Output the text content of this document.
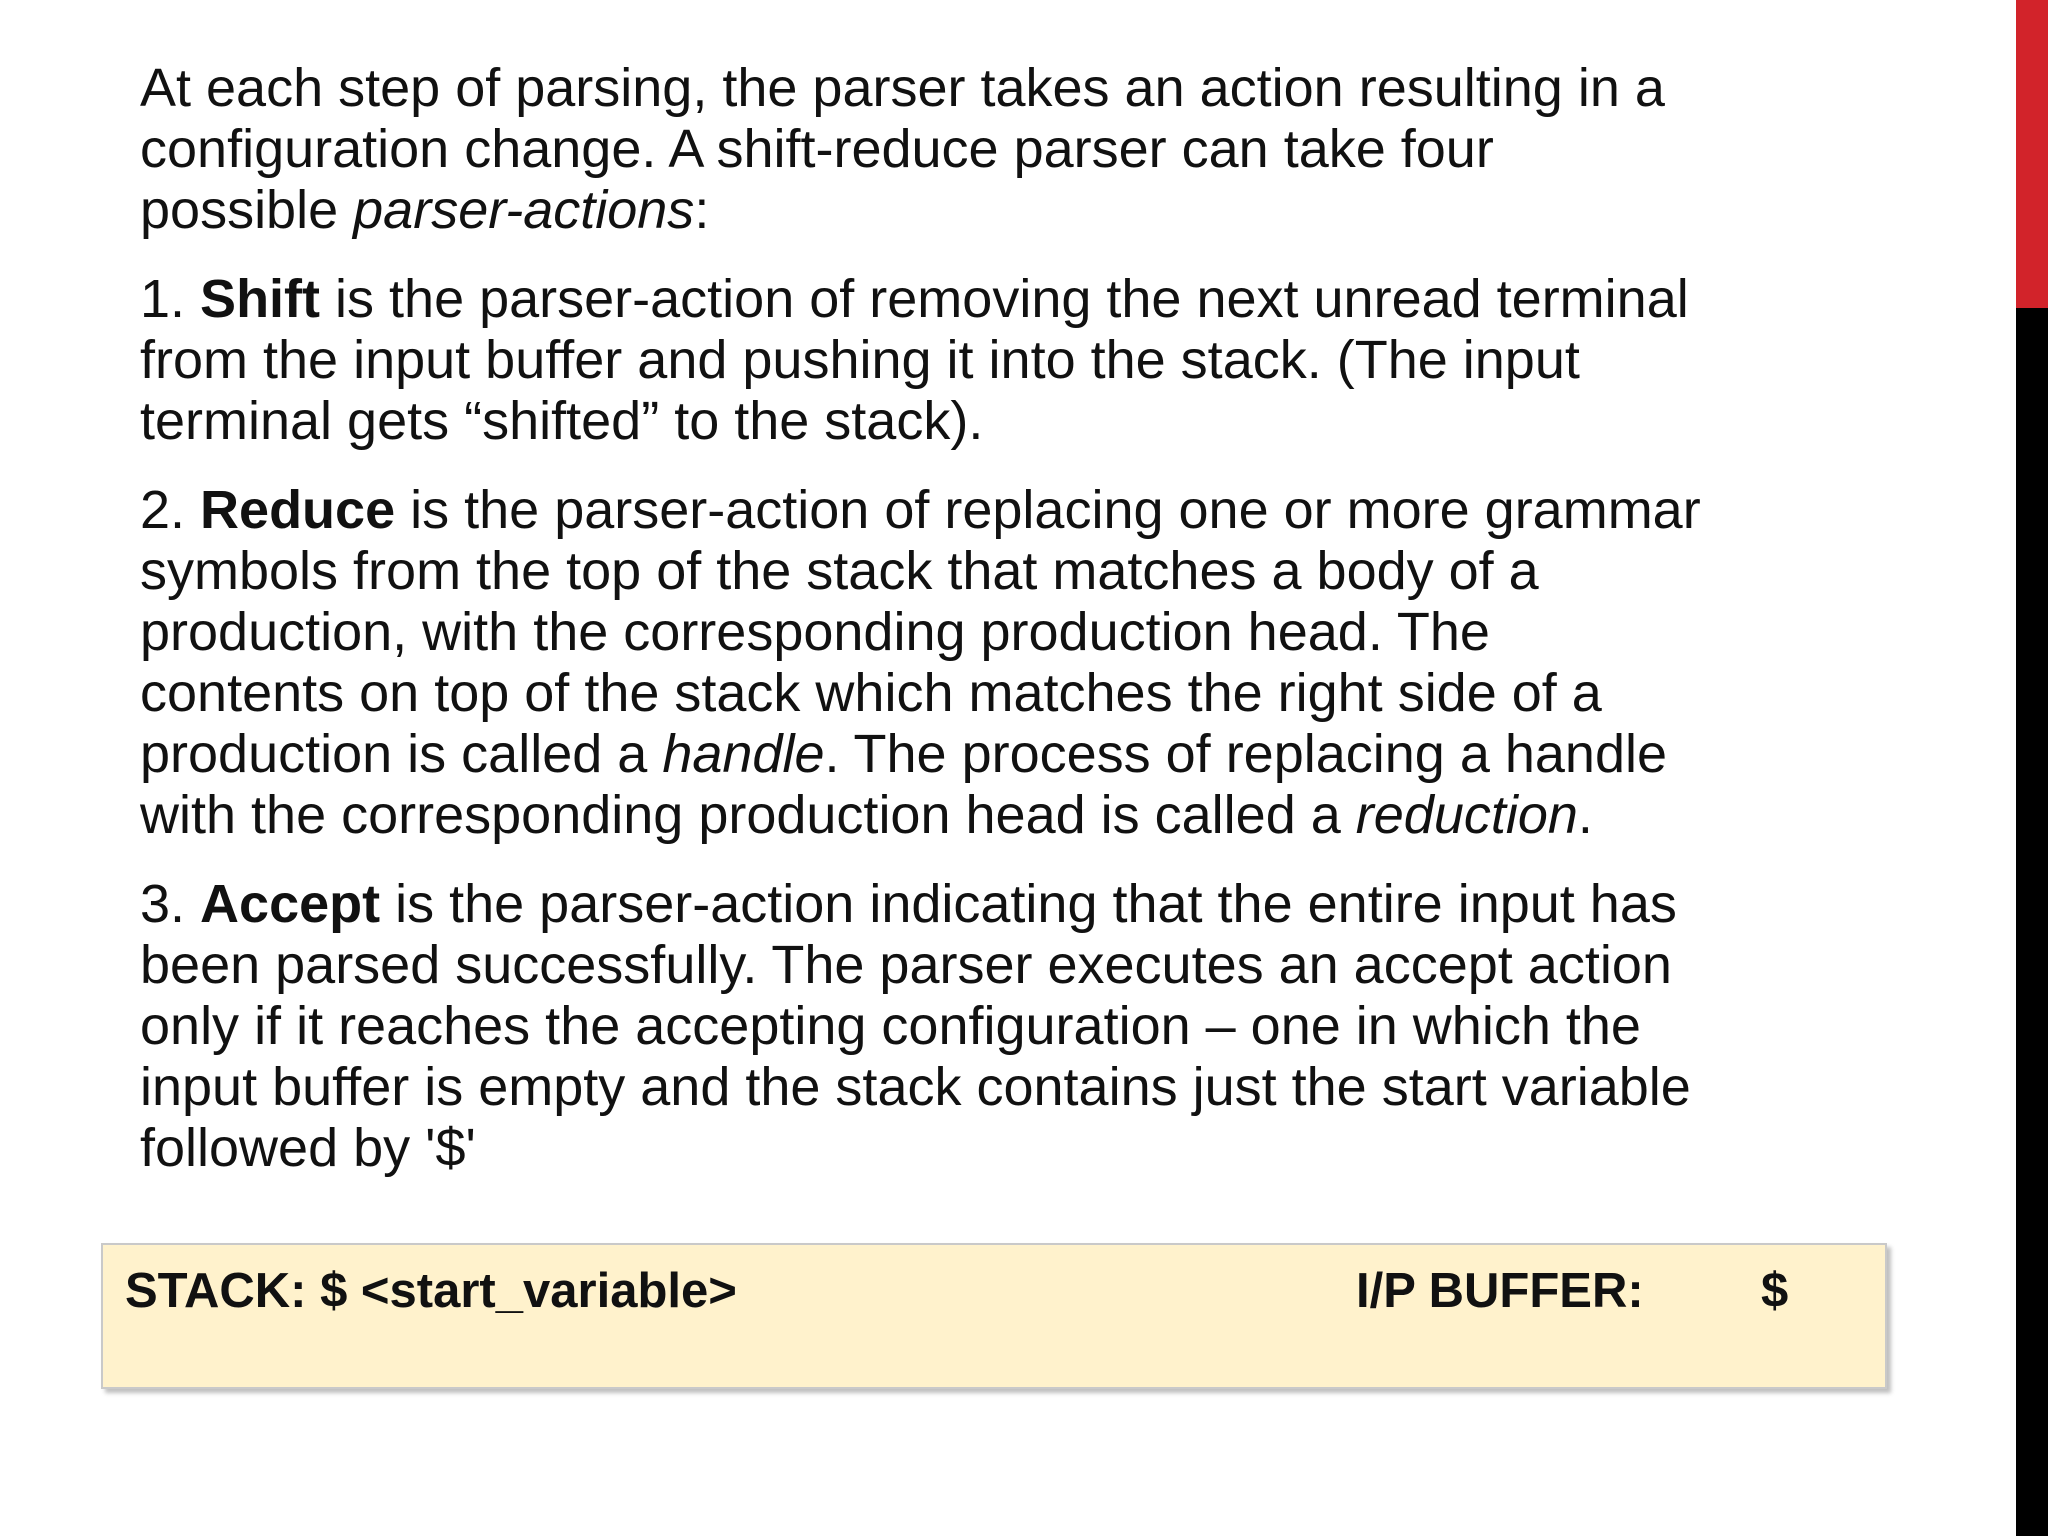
At each step of parsing, the parser takes an action resulting in a
configuration change. A shift-reduce parser can take four
possible parser-actions:

1. Shift is the parser-action of removing the next unread terminal
from the input buffer and pushing it into the stack. (The input
terminal gets “shifted” to the stack).

2. Reduce is the parser-action of replacing one or more grammar
symbols from the top of the stack that matches a body of a
production, with the corresponding production head. The
contents on top of the stack which matches the right side of a
production is called a handle. The process of replacing a handle
with the corresponding production head is called a reduction.

3. Accept is the parser-action indicating that the entire input has
been parsed successfully. The parser executes an accept action
only if it reaches the accepting configuration – one in which the
input buffer is empty and the stack contains just the start variable
followed by '$'

STACK: $ <start_variable>	I/P BUFFER: $
